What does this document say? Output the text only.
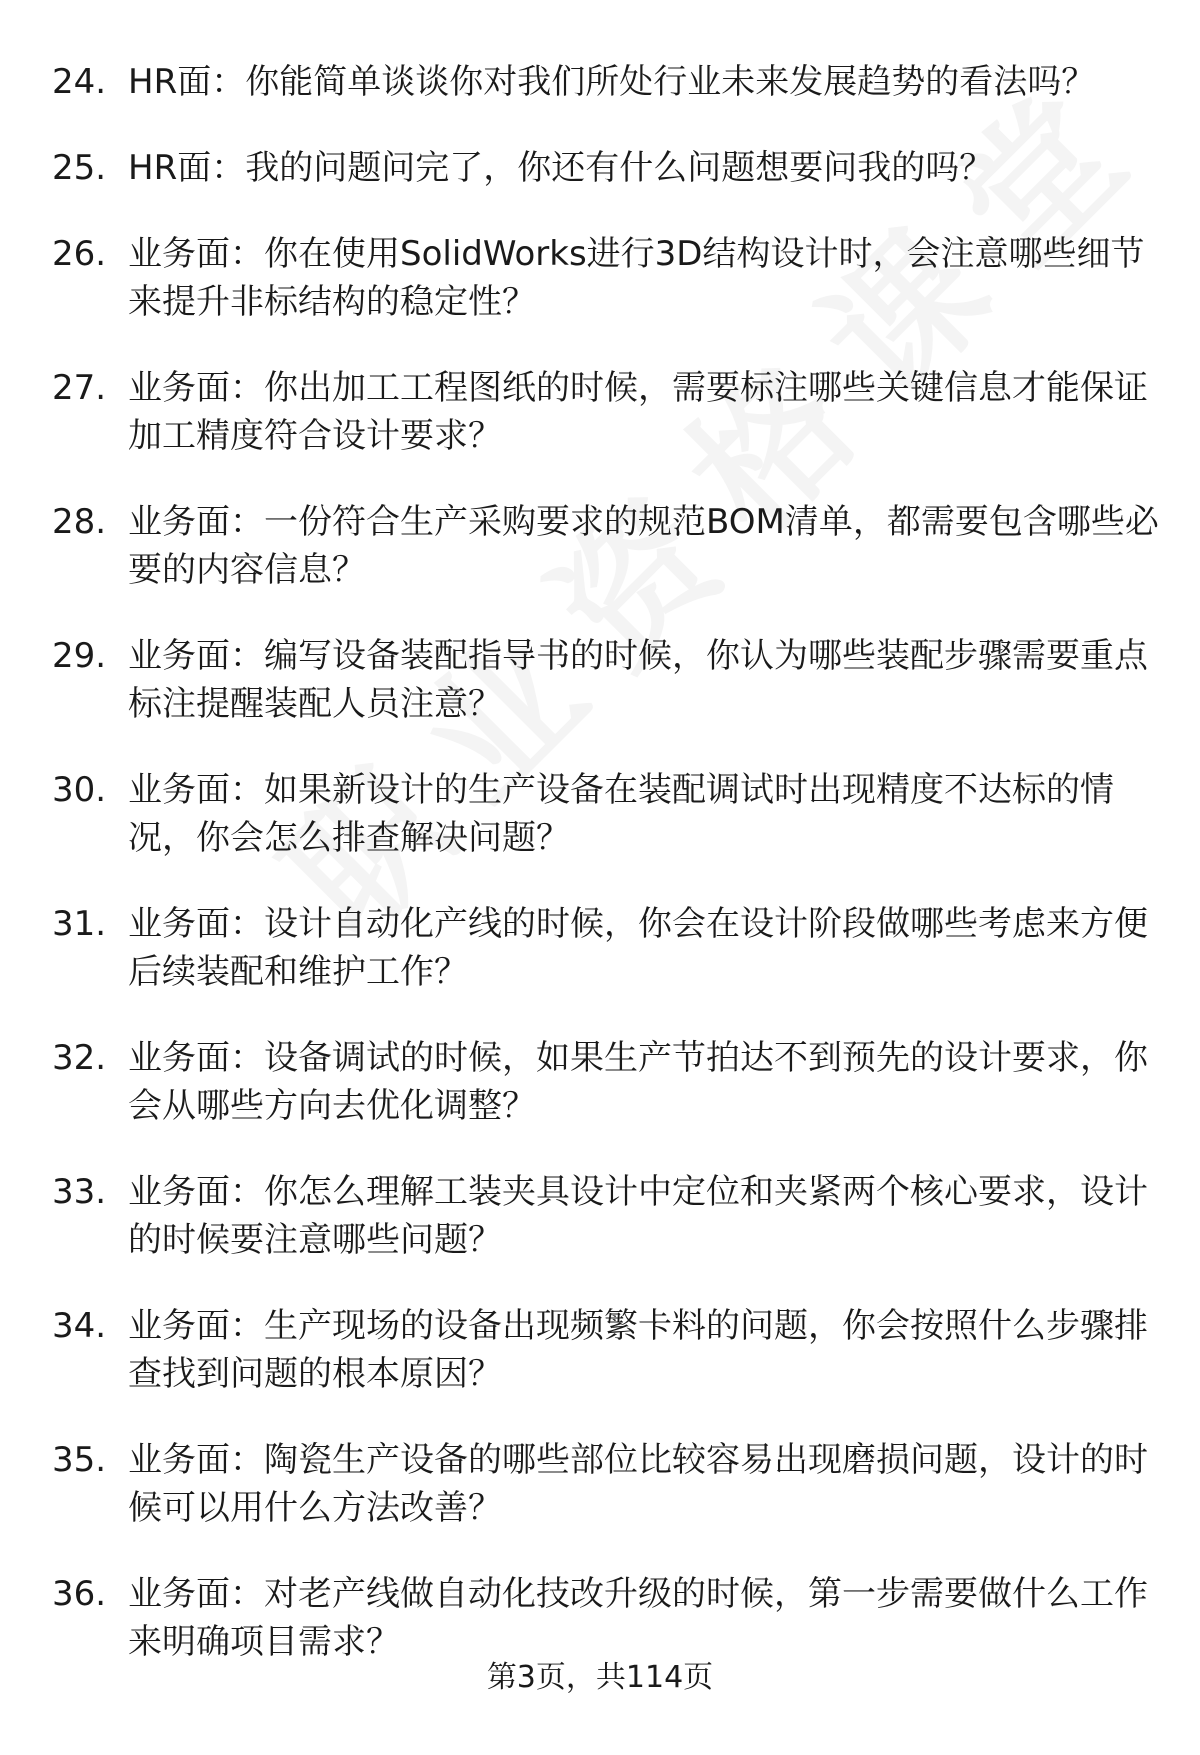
24. HR面：你能简单谈谈你对我们所处行业未来发展趋势的看法吗？
25. HR面：我的问题问完了，你还有什么问题想要问我的吗？
26. 业务面：你在使用SolidWorks进行3D结构设计时，会注意哪些细节来提升非标结构的稳定性？
27. 业务面：你出加工工程图纸的时候，需要标注哪些关键信息才能保证加工精度符合设计要求？
28. 业务面：一份符合生产采购要求的规范BOM清单，都需要包含哪些必要的内容信息？
29. 业务面：编写设备装配指导书的时候，你认为哪些装配步骤需要重点标注提醒装配人员注意？
30. 业务面：如果新设计的生产设备在装配调试时出现精度不达标的情况，你会怎么排查解决问题？
31. 业务面：设计自动化产线的时候，你会在设计阶段做哪些考虑来方便后续装配和维护工作？
32. 业务面：设备调试的时候，如果生产节拍达不到预先的设计要求，你会从哪些方向去优化调整？
33. 业务面：你怎么理解工装夹具设计中定位和夹紧两个核心要求，设计的时候要注意哪些问题？
34. 业务面：生产现场的设备出现频繁卡料的问题，你会按照什么步骤排查找到问题的根本原因？
35. 业务面：陶瓷生产设备的哪些部位比较容易出现磨损问题，设计的时候可以用什么方法改善？
36. 业务面：对老产线做自动化技改升级的时候，第一步需要做什么工作来明确项目需求？
第3页，共114页
